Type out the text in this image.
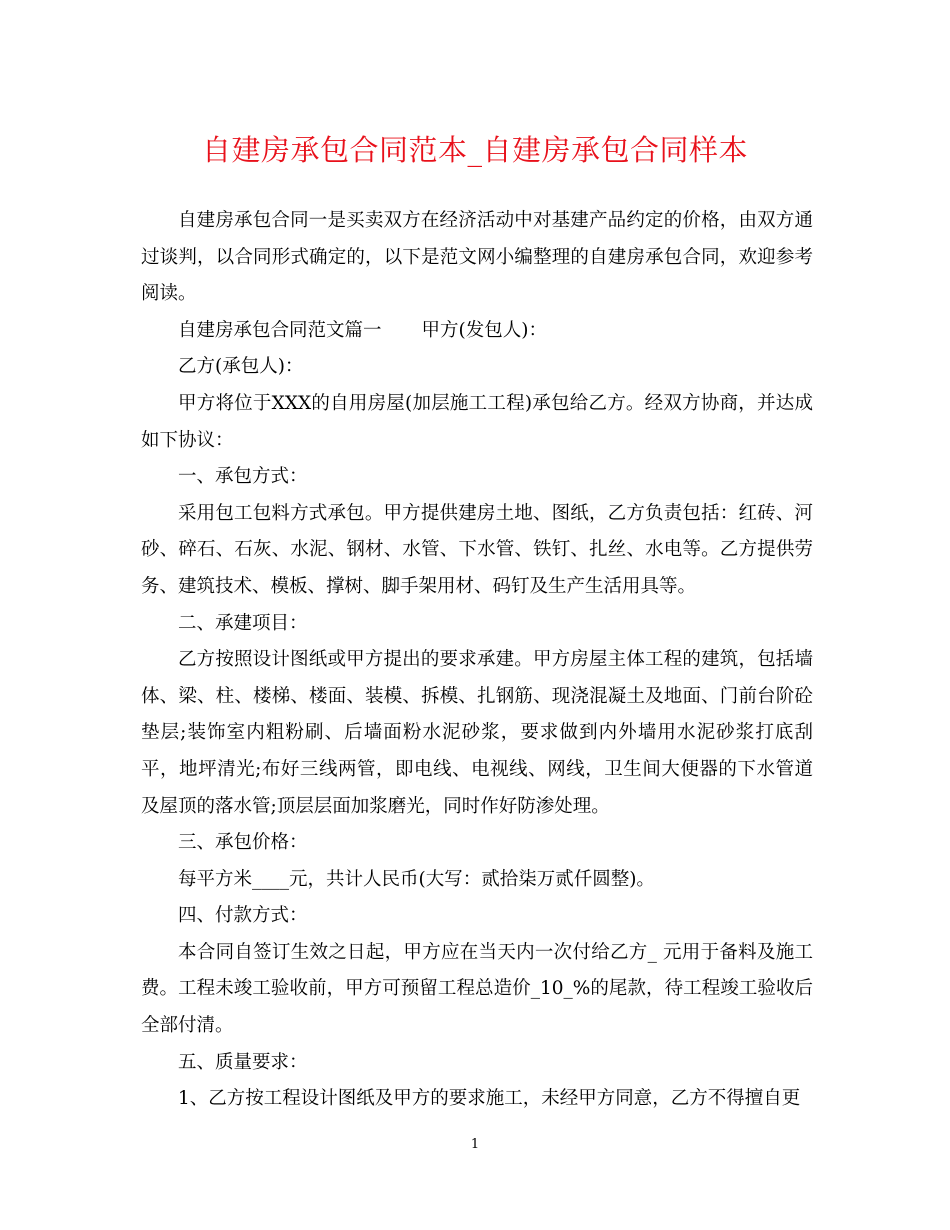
自建房承包合同范本_自建房承包合同样本

自建房承包合同一是买卖双方在经济活动中对基建产品约定的价格，由双方通过谈判，以合同形式确定的，以下是范文网小编整理的自建房承包合同，欢迎参考阅读。

自建房承包合同范文篇一 甲方(发包人)：

乙方(承包人)：

甲方将位于XXX的自用房屋(加层施工工程)承包给乙方。经双方协商，并达成如下协议：

一、承包方式：

采用包工包料方式承包。甲方提供建房土地、图纸，乙方负责包括：红砖、河砂、碎石、石灰、水泥、钢材、水管、下水管、铁钉、扎丝、水电等。乙方提供劳务、建筑技术、模板、撑树、脚手架用材、码钉及生产生活用具等。

二、承建项目：

乙方按照设计图纸或甲方提出的要求承建。甲方房屋主体工程的建筑，包括墙体、梁、柱、楼梯、楼面、装模、拆模、扎钢筋、现浇混凝土及地面、门前台阶砼垫层;装饰室内粗粉刷、后墙面粉水泥砂浆，要求做到内外墙用水泥砂浆打底刮平，地坪清光;布好三线两管，即电线、电视线、网线，卫生间大便器的下水管道及屋顶的落水管;顶层层面加浆磨光，同时作好防渗处理。

三、承包价格：

每平方米____元，共计人民币(大写：贰拾柒万贰仟圆整)。

四、付款方式：

本合同自签订生效之日起，甲方应在当天内一次付给乙方_ 元用于备料及施工费。工程未竣工验收前，甲方可预留工程总造价_10_%的尾款，待工程竣工验收后全部付清。

五、质量要求：

1、乙方按工程设计图纸及甲方的要求施工，未经甲方同意，乙方不得擅自更

1
